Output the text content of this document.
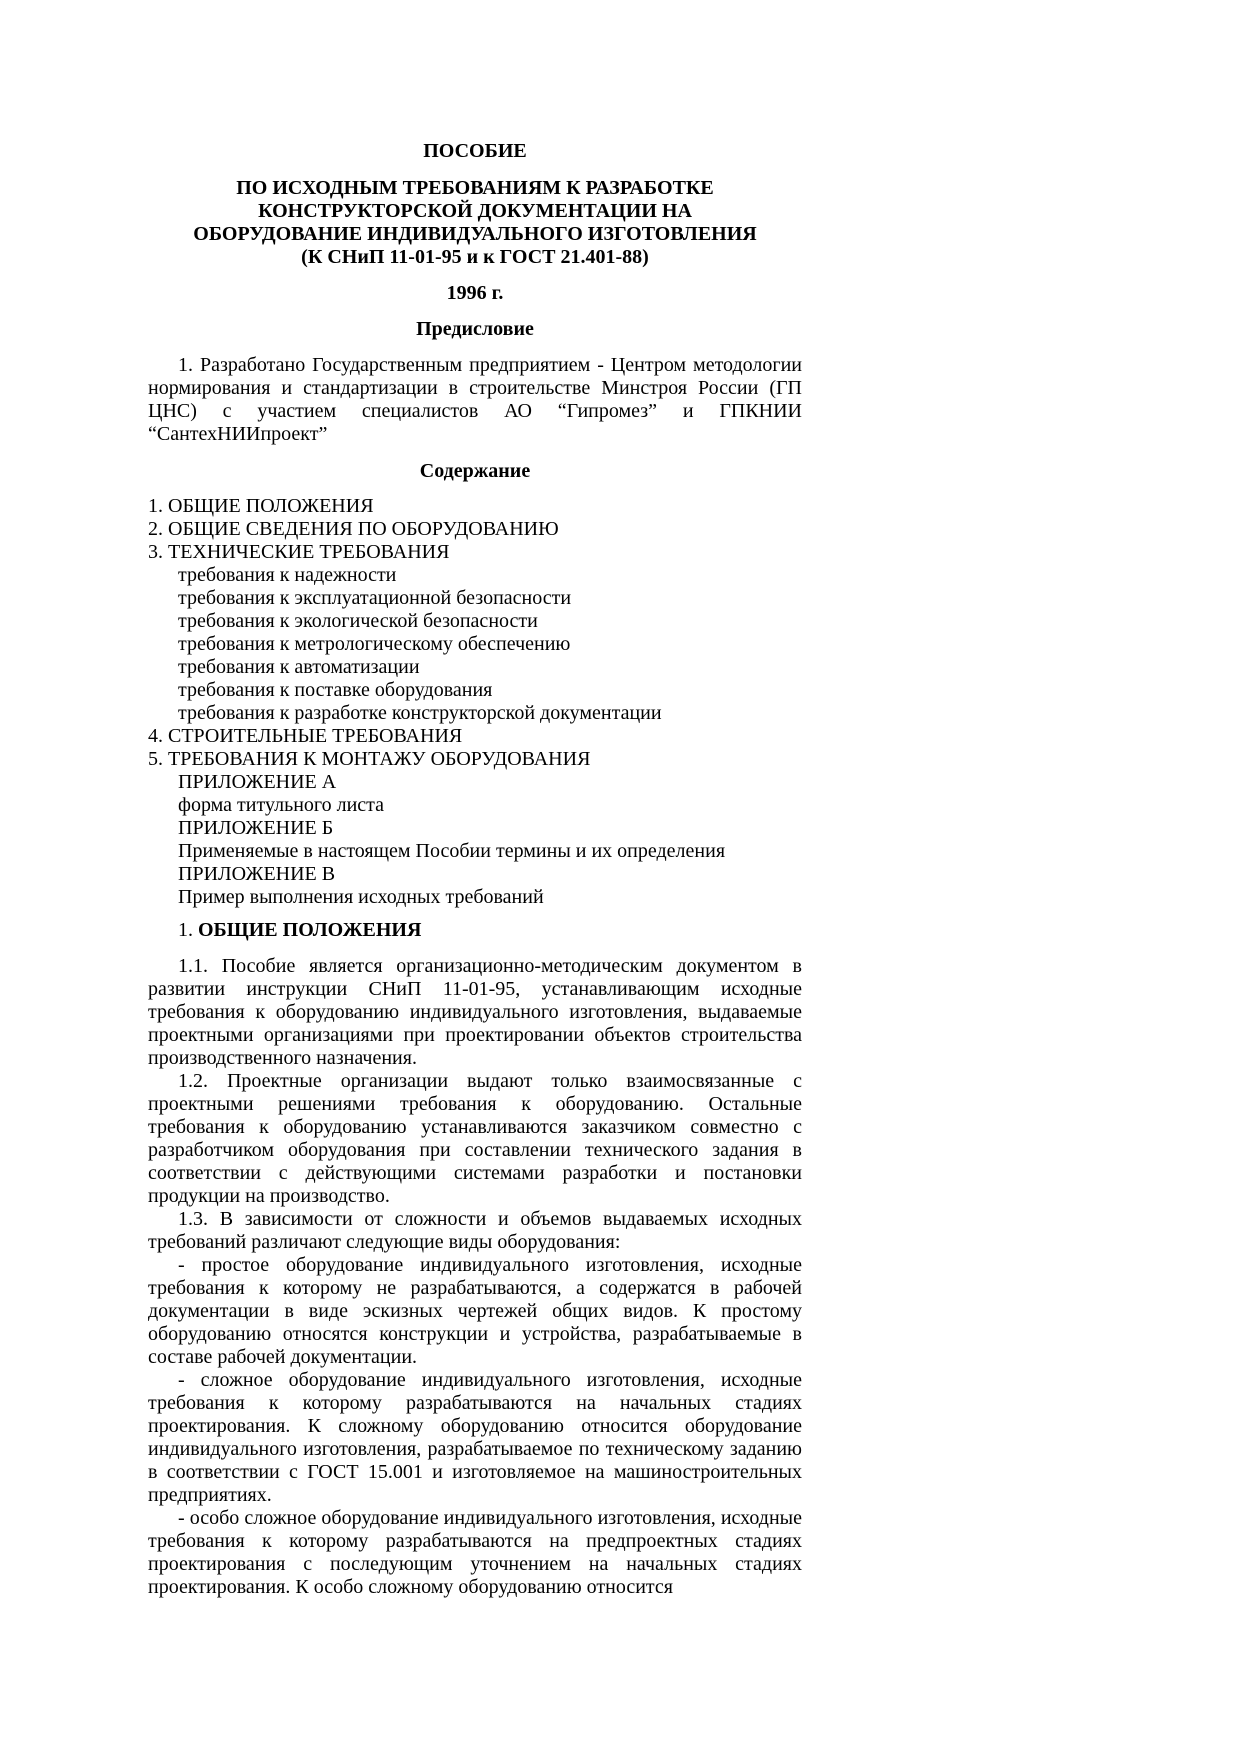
ПОСОБИЕ

ПО ИСХОДНЫМ ТРЕБОВАНИЯМ К РАЗРАБОТКЕ

КОНСТРУКТОРСКОЙ ДОКУМЕНТАЦИИ НА

ОБОРУДОВАНИЕ ИНДИВИДУАЛЬНОГО ИЗГОТОВЛЕНИЯ

(К СНиП 11-01-95 и к ГОСТ 21.401-88)

1996 г.

Предисловие

1. Разработано Государственным предприятием - Центром методологии нормирования и стандартизации в строительстве Минстроя России (ГП ЦНС) с участием специалистов АО “Гипромез” и ГПКНИИ “СантехНИИпроект”

Содержание

1. ОБЩИЕ ПОЛОЖЕНИЯ

2. ОБЩИЕ СВЕДЕНИЯ ПО ОБОРУДОВАНИЮ

3. ТЕХНИЧЕСКИЕ ТРЕБОВАНИЯ

требования к надежности

требования к эксплуатационной безопасности

требования к экологической безопасности

требования к метрологическому обеспечению

требования к автоматизации

требования к поставке оборудования

требования к разработке конструкторской документации

4. СТРОИТЕЛЬНЫЕ ТРЕБОВАНИЯ

5. ТРЕБОВАНИЯ К МОНТАЖУ ОБОРУДОВАНИЯ

ПРИЛОЖЕНИЕ А

форма титульного листа

ПРИЛОЖЕНИЕ Б

Применяемые в настоящем Пособии термины и их определения

ПРИЛОЖЕНИЕ В

Пример выполнения исходных требований

1. ОБЩИЕ ПОЛОЖЕНИЯ

1.1. Пособие является организационно-методическим документом в развитии инструкции СНиП 11-01-95, устанавливающим исходные требования к оборудованию индивидуального изготовления, выдаваемые проектными организациями при проектировании объектов строительства производственного назначения.

1.2. Проектные организации выдают только взаимосвязанные с проектными решениями требования к оборудованию. Остальные требования к оборудованию устанавливаются заказчиком совместно с разработчиком оборудования при составлении технического задания в соответствии с действующими системами разработки и постановки продукции на производство.

1.3. В зависимости от сложности и объемов выдаваемых исходных требований различают следующие виды оборудования:

- простое оборудование индивидуального изготовления, исходные требования к которому не разрабатываются, а содержатся в рабочей документации в виде эскизных чертежей общих видов. К простому оборудованию относятся конструкции и устройства, разрабатываемые в составе рабочей документации.

- сложное оборудование индивидуального изготовления, исходные требования к которому разрабатываются на начальных стадиях проектирования. К сложному оборудованию относится оборудование индивидуального изготовления, разрабатываемое по техническому заданию в соответствии с ГОСТ 15.001 и изготовляемое на машиностроительных предприятиях.

- особо сложное оборудование индивидуального изготовления, исходные требования к которому разрабатываются на предпроектных стадиях проектирования с последующим уточнением на начальных стадиях проектирования. К особо сложному оборудованию относится
